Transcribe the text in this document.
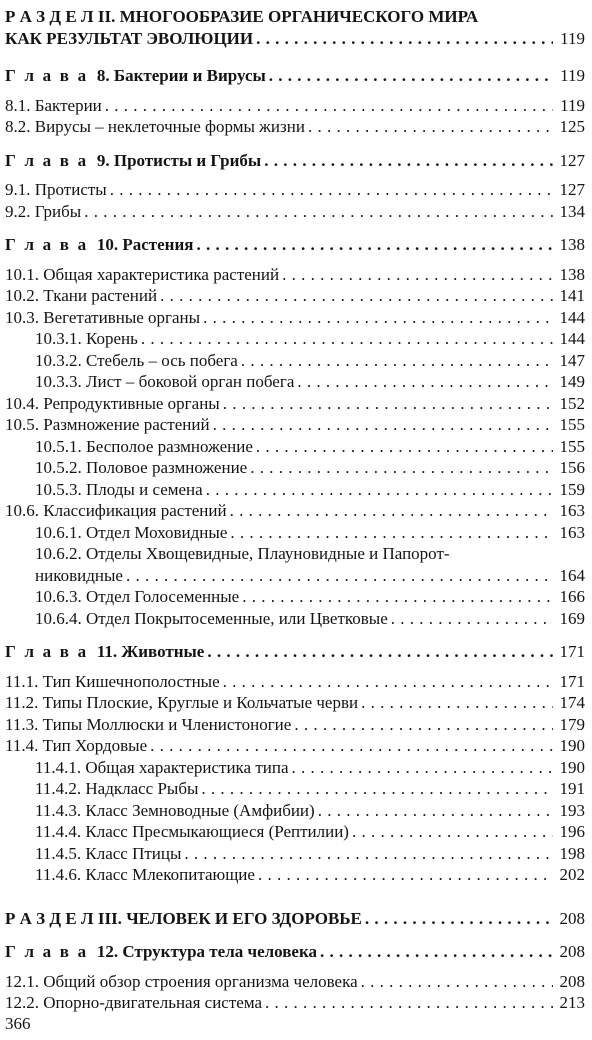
Р А З Д Е Л II. МНОГООБРАЗИЕ ОРГАНИЧЕСКОГО МИРА
КАК РЕЗУЛЬТАТ ЭВОЛЮЦИИ . . .	119
Г л а в а 8. Бактерии и Вирусы . . .	119
8.1. Бактерии . . .	119
8.2. Вирусы – неклеточные формы жизни . . .	125
Г л а в а 9. Протисты и Грибы . . .	127
9.1. Протисты . . .	127
9.2. Грибы . . .	134
Г л а в а 10. Растения . . .	138
10.1. Общая характеристика растений . . .	138
10.2. Ткани растений . . .	141
10.3. Вегетативные органы . . .	144
10.3.1. Корень . . .	144
10.3.2. Стебель – ось побега . . .	147
10.3.3. Лист – боковой орган побега . . .	149
10.4. Репродуктивные органы . . .	152
10.5. Размножение растений . . .	155
10.5.1. Бесполое размножение . . .	155
10.5.2. Половое размножение . . .	156
10.5.3. Плоды и семена . . .	159
10.6. Классификация растений . . .	163
10.6.1. Отдел Моховидные . . .	163
10.6.2. Отделы Хвощевидные, Плауновидные и Папорот-
никовидные . . .	164
10.6.3. Отдел Голосеменные . . .	166
10.6.4. Отдел Покрытосеменные, или Цветковые . . .	169
Г л а в а 11. Животные . . .	171
11.1. Тип Кишечнополостные . . .	171
11.2. Типы Плоские, Круглые и Кольчатые черви . . .	174
11.3. Типы Моллюски и Членистоногие . . .	179
11.4. Тип Хордовые . . .	190
11.4.1. Общая характеристика типа . . .	190
11.4.2. Надкласс Рыбы . . .	191
11.4.3. Класс Земноводные (Амфибии) . . .	193
11.4.4. Класс Пресмыкающиеся (Рептилии) . . .	196
11.4.5. Класс Птицы . . .	198
11.4.6. Класс Млекопитающие . . .	202
Р А З Д Е Л III. ЧЕЛОВЕК И ЕГО ЗДОРОВЬЕ . . .	208
Г л а в а 12. Структура тела человека . . .	208
12.1. Общий обзор строения организма человека . . .	208
12.2. Опорно-двигательная система . . .	213
366
